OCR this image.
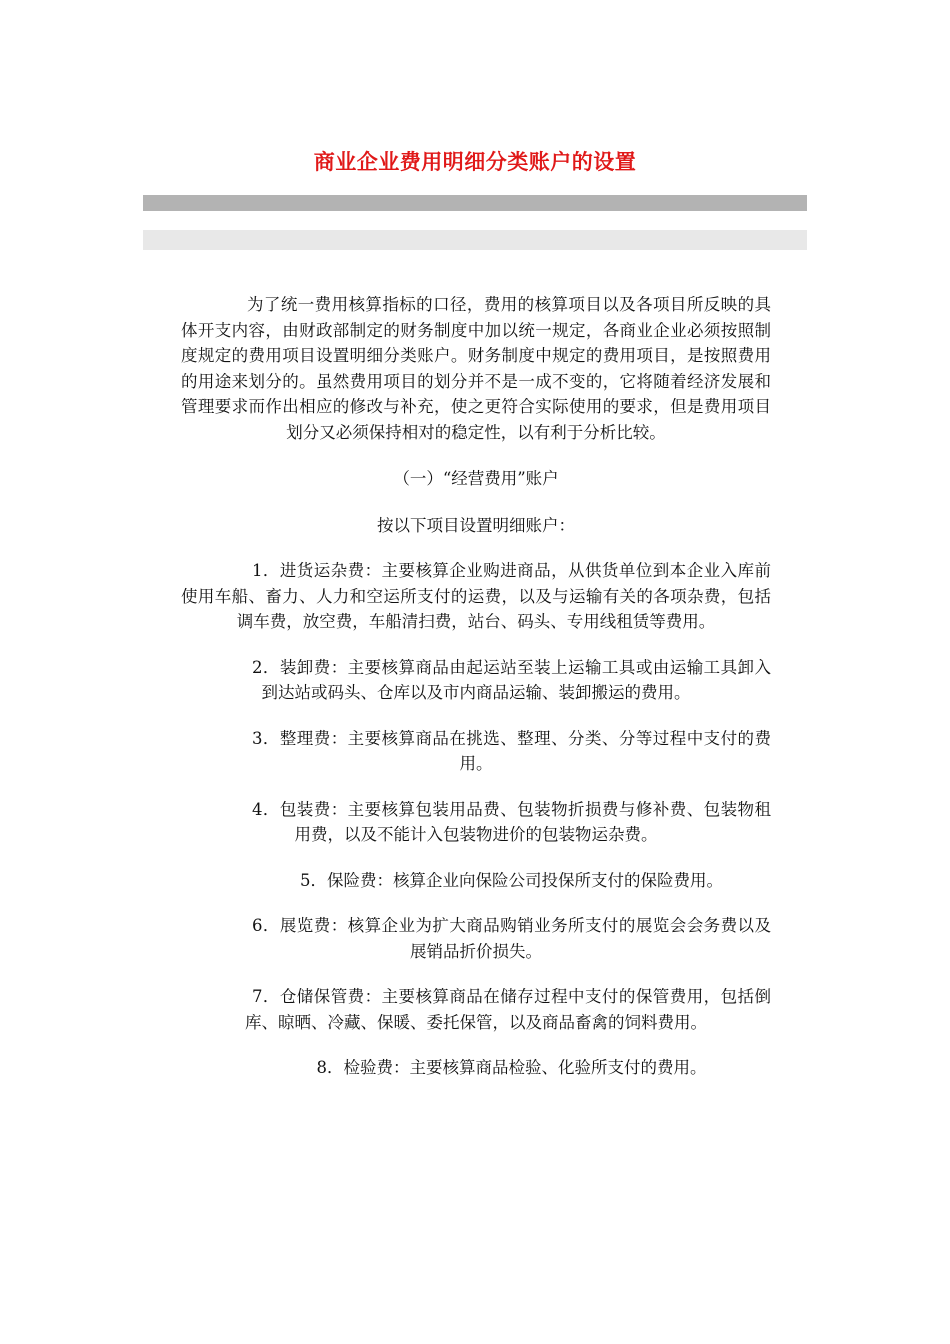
商业企业费用明细分类账户的设置

为了统一费用核算指标的口径，费用的核算项目以及各项目所反映的具体开支内容，由财政部制定的财务制度中加以统一规定，各商业企业必须按照制度规定的费用项目设置明细分类账户。财务制度中规定的费用项目，是按照费用的用途来划分的。虽然费用项目的划分并不是一成不变的，它将随着经济发展和管理要求而作出相应的修改与补充，使之更符合实际使用的要求，但是费用项目划分又必须保持相对的稳定性，以有利于分析比较。

（一）“经营费用”账户

按以下项目设置明细账户：

1．进货运杂费：主要核算企业购进商品，从供货单位到本企业入库前使用车船、畜力、人力和空运所支付的运费，以及与运输有关的各项杂费，包括调车费，放空费，车船清扫费，站台、码头、专用线租赁等费用。

2．装卸费：主要核算商品由起运站至装上运输工具或由运输工具卸入到达站或码头、仓库以及市内商品运输、装卸搬运的费用。

3．整理费：主要核算商品在挑选、整理、分类、分等过程中支付的费用。

4．包装费：主要核算包装用品费、包装物折损费与修补费、包装物租用费，以及不能计入包装物进价的包装物运杂费。

5．保险费：核算企业向保险公司投保所支付的保险费用。

6．展览费：核算企业为扩大商品购销业务所支付的展览会会务费以及展销品折价损失。

7．仓储保管费：主要核算商品在储存过程中支付的保管费用，包括倒库、晾晒、冷藏、保暖、委托保管，以及商品畜禽的饲料费用。

8．检验费：主要核算商品检验、化验所支付的费用。
